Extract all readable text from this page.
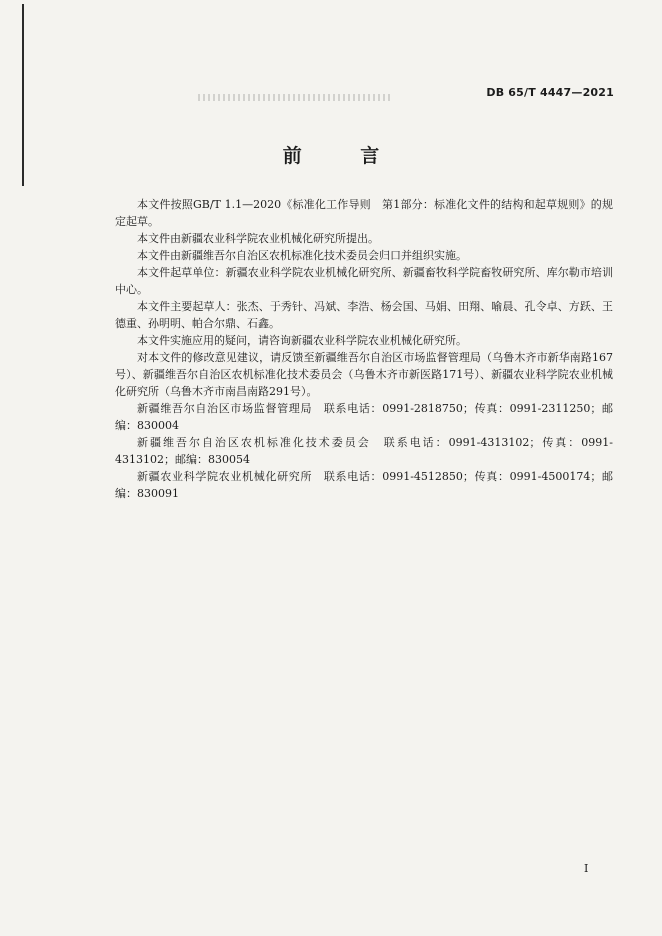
DB 65/T 4447—2021
前 言

本文件按照GB/T 1.1—2020《标准化工作导则　第1部分：标准化文件的结构和起草规则》的规定起草。

本文件由新疆农业科学院农业机械化研究所提出。

本文件由新疆维吾尔自治区农机标准化技术委员会归口并组织实施。

本文件起草单位：新疆农业科学院农业机械化研究所、新疆畜牧科学院畜牧研究所、库尔勒市培训中心。

本文件主要起草人：张杰、于秀针、冯斌、李浩、杨会国、马娟、田翔、喻晨、孔令卓、方跃、王德重、孙明明、帕合尔鼎、石鑫。

本文件实施应用的疑问，请咨询新疆农业科学院农业机械化研究所。

对本文件的修改意见建议，请反馈至新疆维吾尔自治区市场监督管理局（乌鲁木齐市新华南路167号）、新疆维吾尔自治区农机标准化技术委员会（乌鲁木齐市新医路171号）、新疆农业科学院农业机械化研究所（乌鲁木齐市南昌南路291号）。

新疆维吾尔自治区市场监督管理局　联系电话：0991-2818750；传真：0991-2311250；邮编：830004

新疆维吾尔自治区农机标准化技术委员会　联系电话：0991-4313102；传真：0991-4313102；邮编：830054

新疆农业科学院农业机械化研究所　联系电话：0991-4512850；传真：0991-4500174；邮编：830091

I
